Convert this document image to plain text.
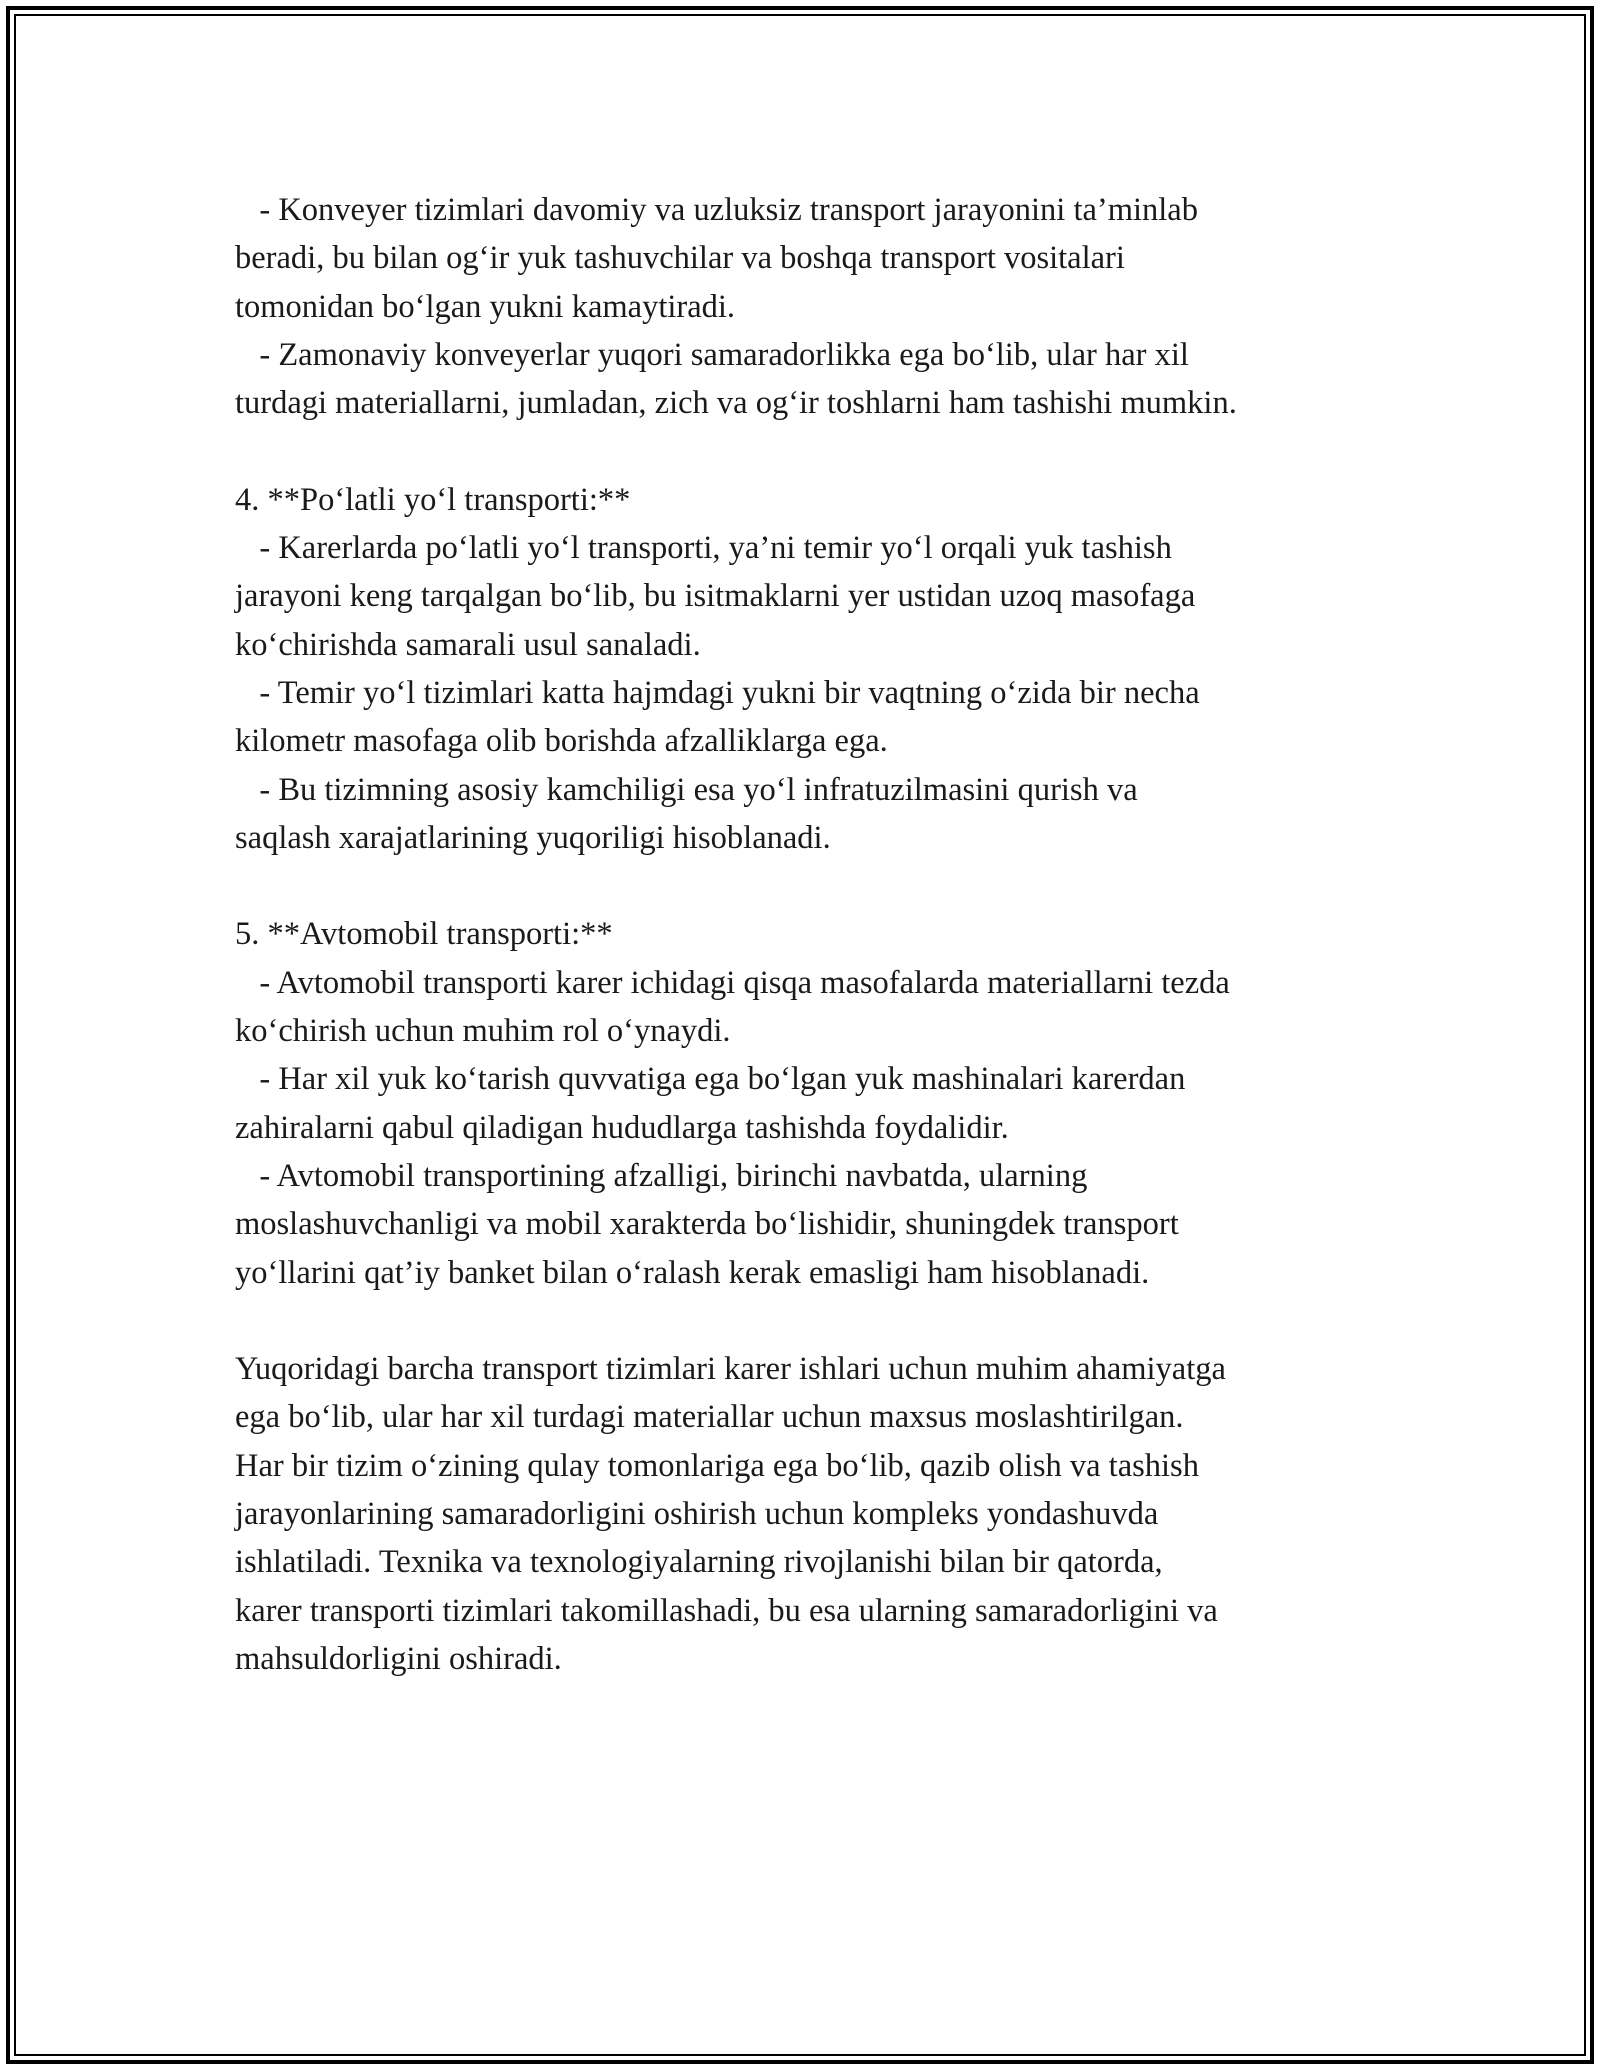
- Konveyer tizimlari davomiy va uzluksiz transport jarayonini ta’minlab
beradi, bu bilan og‘ir yuk tashuvchilar va boshqa transport vositalari
tomonidan bo‘lgan yukni kamaytiradi.
- Zamonaviy konveyerlar yuqori samaradorlikka ega bo‘lib, ular har xil
turdagi materiallarni, jumladan, zich va og‘ir toshlarni ham tashishi mumkin.
4. **Po‘latli yo‘l transporti:**
- Karerlarda po‘latli yo‘l transporti, ya’ni temir yo‘l orqali yuk tashish
jarayoni keng tarqalgan bo‘lib, bu isitmaklarni yer ustidan uzoq masofaga
ko‘chirishda samarali usul sanaladi.
- Temir yo‘l tizimlari katta hajmdagi yukni bir vaqtning o‘zida bir necha
kilometr masofaga olib borishda afzalliklarga ega.
- Bu tizimning asosiy kamchiligi esa yo‘l infratuzilmasini qurish va
saqlash xarajatlarining yuqoriligi hisoblanadi.
5. **Avtomobil transporti:**
- Avtomobil transporti karer ichidagi qisqa masofalarda materiallarni tezda
ko‘chirish uchun muhim rol o‘ynaydi.
- Har xil yuk ko‘tarish quvvatiga ega bo‘lgan yuk mashinalari karerdan
zahiralarni qabul qiladigan hududlarga tashishda foydalidir.
- Avtomobil transportining afzalligi, birinchi navbatda, ularning
moslashuvchanligi va mobil xarakterda bo‘lishidir, shuningdek transport
yo‘llarini qat’iy banket bilan o‘ralash kerak emasligi ham hisoblanadi.
Yuqoridagi barcha transport tizimlari karer ishlari uchun muhim ahamiyatga
ega bo‘lib, ular har xil turdagi materiallar uchun maxsus moslashtirilgan.
Har bir tizim o‘zining qulay tomonlariga ega bo‘lib, qazib olish va tashish
jarayonlarining samaradorligini oshirish uchun kompleks yondashuvda
ishlatiladi. Texnika va texnologiyalarning rivojlanishi bilan bir qatorda,
karer transporti tizimlari takomillashadi, bu esa ularning samaradorligini va
mahsuldorligini oshiradi.
